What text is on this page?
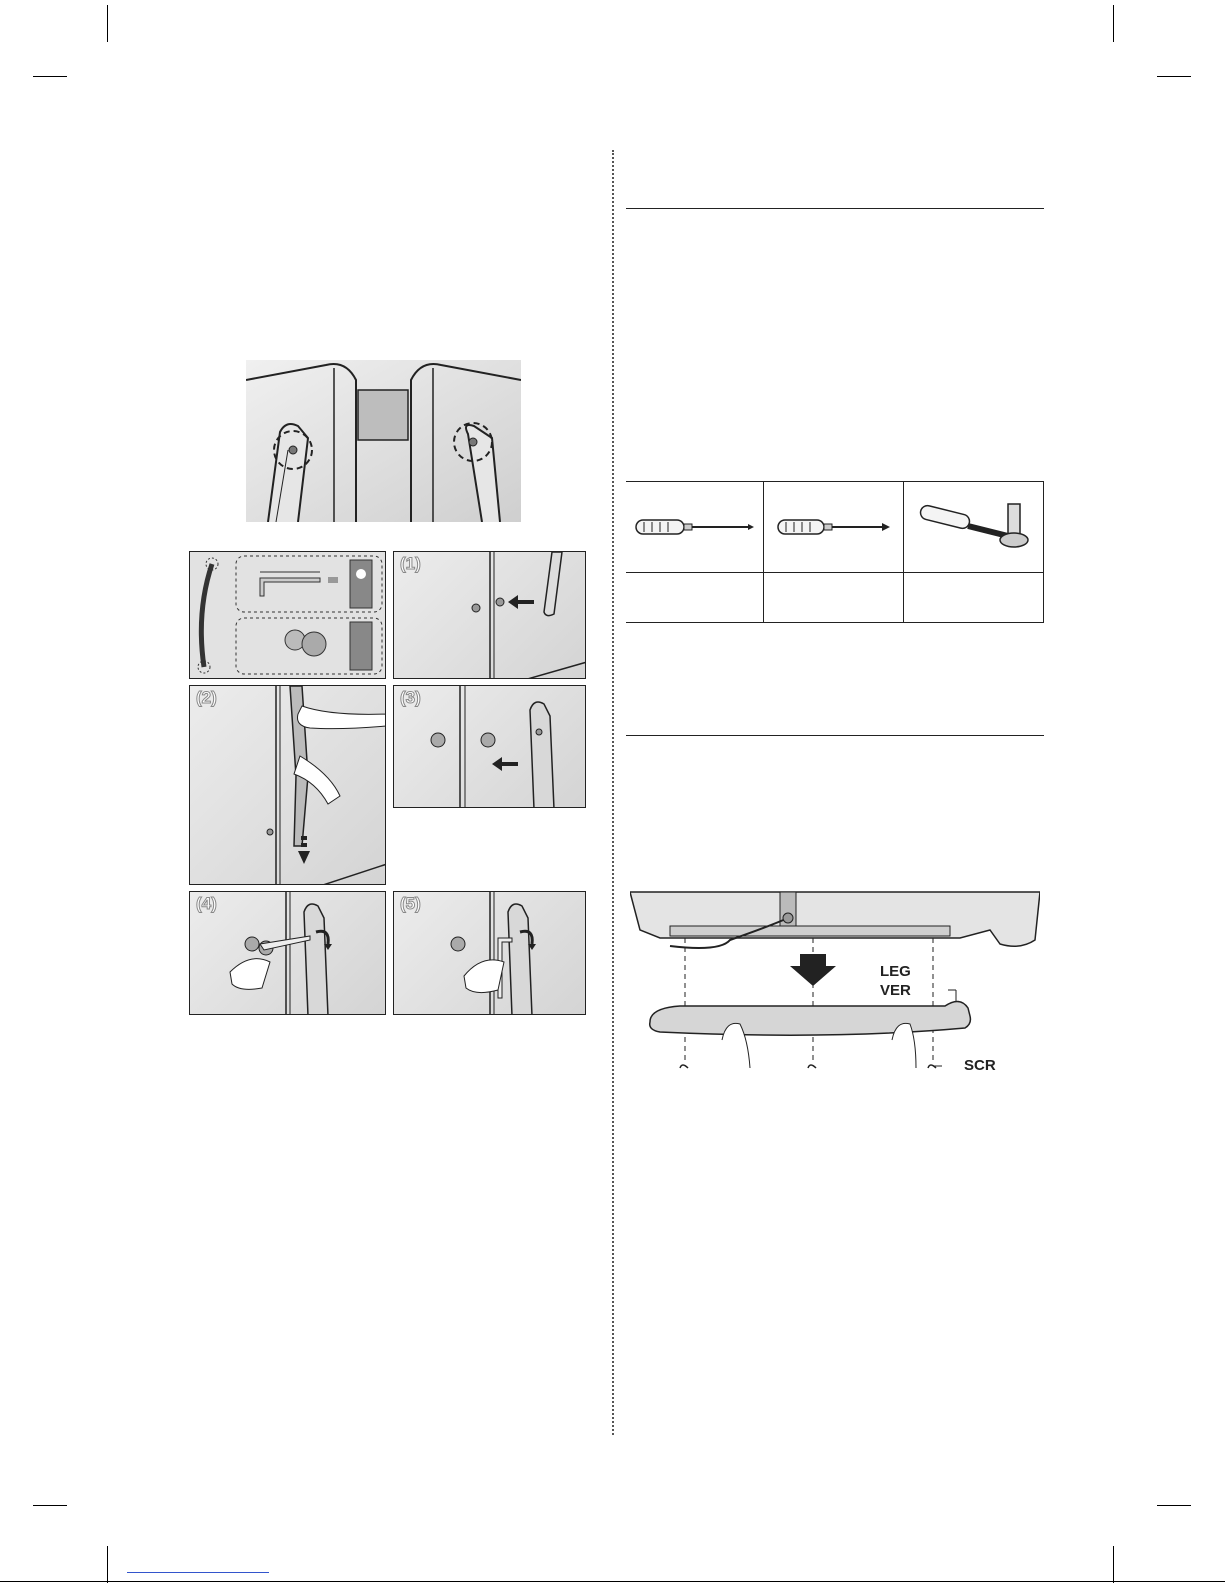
(1)
(2)	(3)
(4)	(5)
LEG
VER
SCR
